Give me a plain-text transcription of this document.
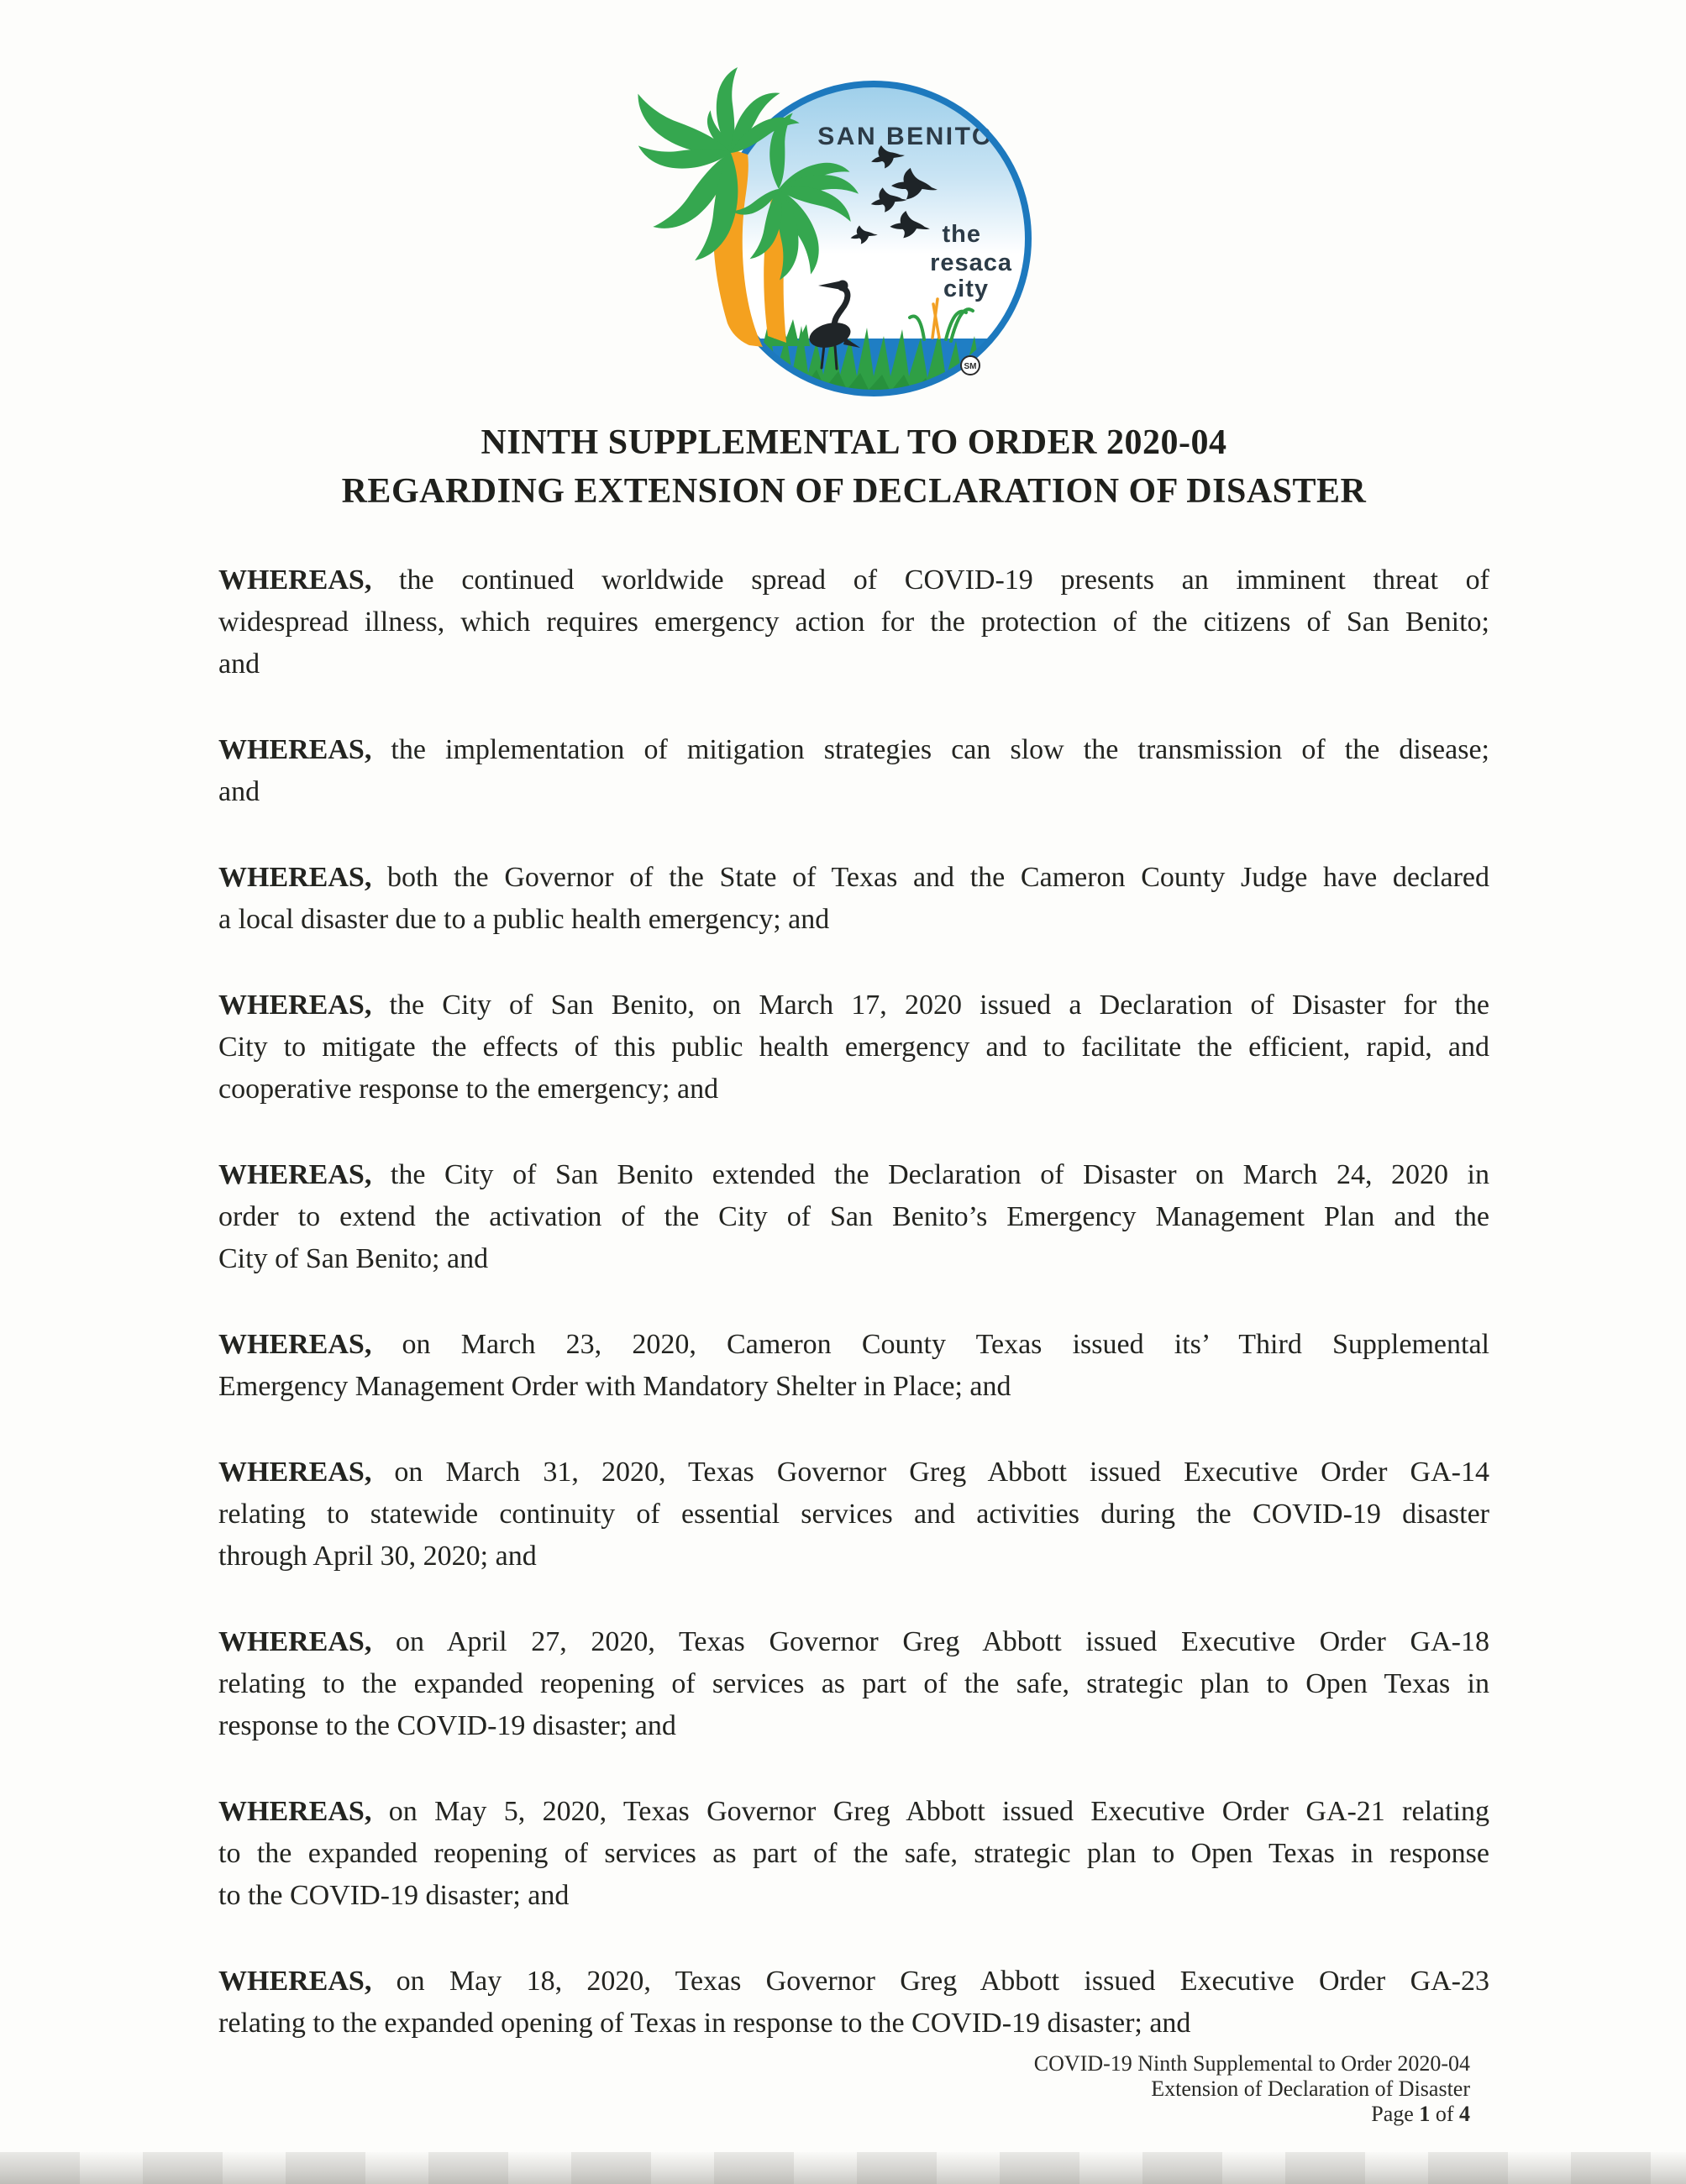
SAN BENITO
the
resaca
city
SM
NINTH SUPPLEMENTAL TO ORDER 2020-04
REGARDING EXTENSION OF DECLARATION OF DISASTER
WHEREAS, the continued worldwide spread of COVID-19 presents an imminent threat of
widespread illness, which requires emergency action for the protection of the citizens of San Benito;
and
WHEREAS, the implementation of mitigation strategies can slow the transmission of the disease;
and
WHEREAS, both the Governor of the State of Texas and the Cameron County Judge have declared
a local disaster due to a public health emergency; and
WHEREAS, the City of San Benito, on March 17, 2020 issued a Declaration of Disaster for the
City to mitigate the effects of this public health emergency and to facilitate the efficient, rapid, and
cooperative response to the emergency; and
WHEREAS, the City of San Benito extended the Declaration of Disaster on March 24, 2020 in
order to extend the activation of the City of San Benito’s Emergency Management Plan and the
City of San Benito; and
WHEREAS, on March 23, 2020, Cameron County Texas issued its’ Third Supplemental
Emergency Management Order with Mandatory Shelter in Place; and
WHEREAS, on March 31, 2020, Texas Governor Greg Abbott issued Executive Order GA-14
relating to statewide continuity of essential services and activities during the COVID-19 disaster
through April 30, 2020; and
WHEREAS, on April 27, 2020, Texas Governor Greg Abbott issued Executive Order GA-18
relating to the expanded reopening of services as part of the safe, strategic plan to Open Texas in
response to the COVID-19 disaster; and
WHEREAS, on May 5, 2020, Texas Governor Greg Abbott issued Executive Order GA-21 relating
to the expanded reopening of services as part of the safe, strategic plan to Open Texas in response
to the COVID-19 disaster; and
WHEREAS, on May 18, 2020, Texas Governor Greg Abbott issued Executive Order GA-23
relating to the expanded opening of Texas in response to the COVID-19 disaster; and
COVID-19 Ninth Supplemental to Order 2020-04
Extension of Declaration of Disaster
Page 1 of 4
